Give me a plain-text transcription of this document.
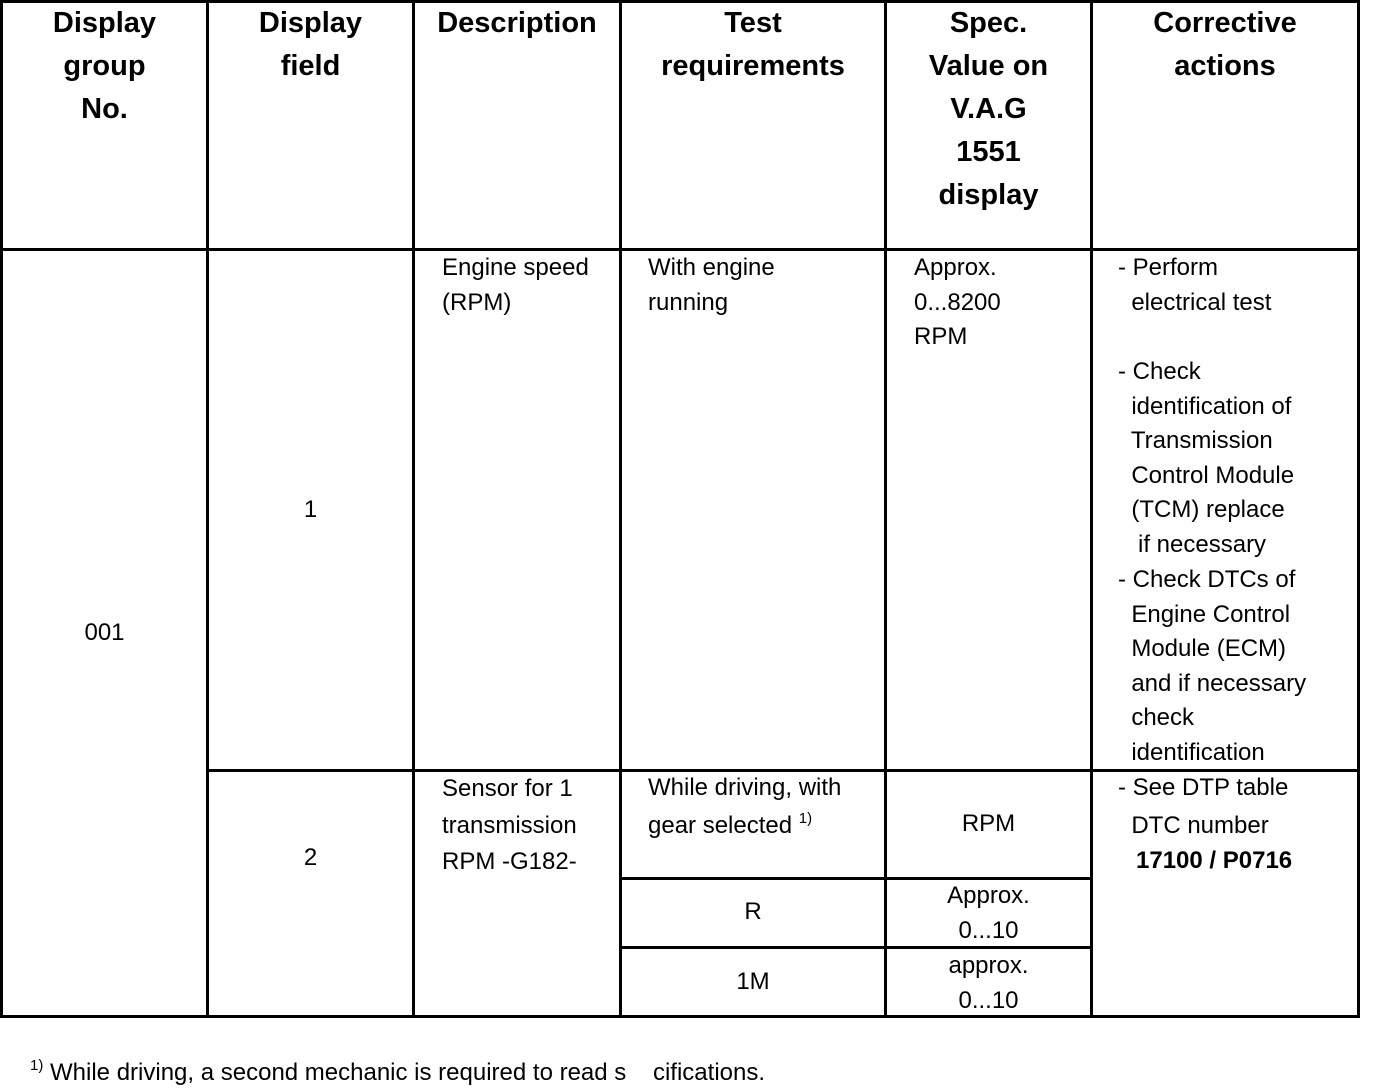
Display
group
No.
Display
field
Description	Test
requirements
Spec.
Value on
V.A.G
1551
display
Corrective
actions
001
1
Engine speed
(RPM)
With engine
running
Approx.
0...8200
RPM
- Perform
electrical test
- Check
identification of
Transmission
Control Module
(TCM) replace
if necessary
- Check DTCs of
Engine Control
Module (ECM)
and if necessary
check
identification
2
Sensor for 1
transmission
RPM -G182-
While driving, with
gear selected $^{1)}$	RPM
- See DTP table
DTC number
17100 / P0716
R
Approx.
0...10
1M
approx.
0...10
$^{1)}$ While driving, a second mechanic is required to read s    cifications.
